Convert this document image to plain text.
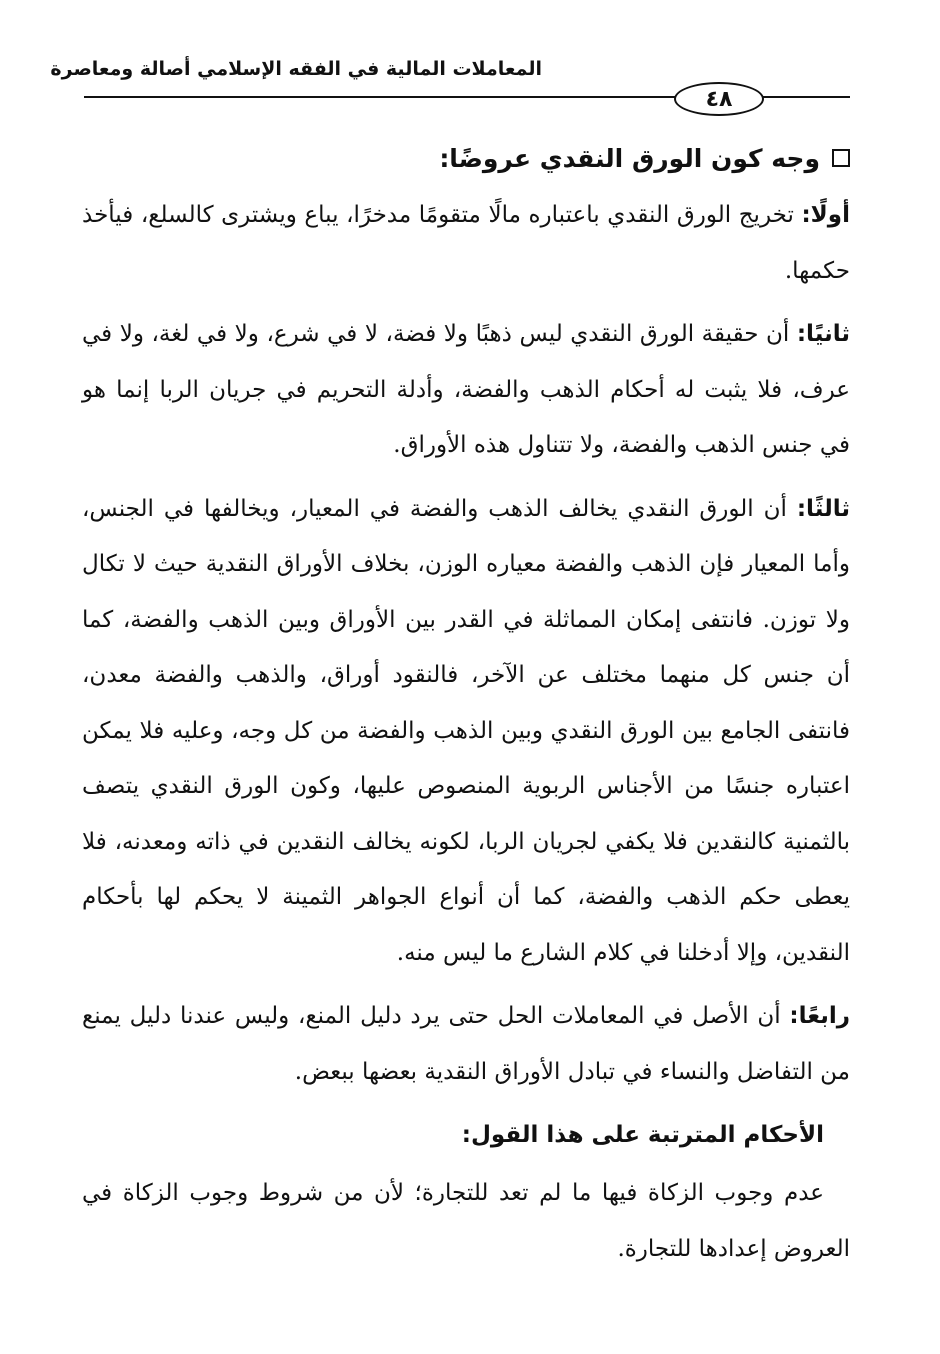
المعاملات المالية في الفقه الإسلامي أصالة ومعاصرة
٤٨
وجه كون الورق النقدي عروضًا:

أولًا: تخريج الورق النقدي باعتباره مالًا متقومًا مدخرًا، يباع ويشترى كالسلع، فيأخذ حكمها.

ثانيًا: أن حقيقة الورق النقدي ليس ذهبًا ولا فضة، لا في شرع، ولا في لغة، ولا في عرف، فلا يثبت له أحكام الذهب والفضة، وأدلة التحريم في جريان الربا إنما هو في جنس الذهب والفضة، ولا تتناول هذه الأوراق.

ثالثًا: أن الورق النقدي يخالف الذهب والفضة في المعيار، ويخالفها في الجنس، وأما المعيار فإن الذهب والفضة معياره الوزن، بخلاف الأوراق النقدية حيث لا تكال ولا توزن. فانتفى إمكان المماثلة في القدر بين الأوراق وبين الذهب والفضة، كما أن جنس كل منهما مختلف عن الآخر، فالنقود أوراق، والذهب والفضة معدن، فانتفى الجامع بين الورق النقدي وبين الذهب والفضة من كل وجه، وعليه فلا يمكن اعتباره جنسًا من الأجناس الربوية المنصوص عليها، وكون الورق النقدي يتصف بالثمنية كالنقدين فلا يكفي لجريان الربا، لكونه يخالف النقدين في ذاته ومعدنه، فلا يعطى حكم الذهب والفضة، كما أن أنواع الجواهر الثمينة لا يحكم لها بأحكام النقدين، وإلا أدخلنا في كلام الشارع ما ليس منه.

رابعًا: أن الأصل في المعاملات الحل حتى يرد دليل المنع، وليس عندنا دليل يمنع من التفاضل والنساء في تبادل الأوراق النقدية بعضها ببعض.

الأحكام المترتبة على هذا القول:

عدم وجوب الزكاة فيها ما لم تعد للتجارة؛ لأن من شروط وجوب الزكاة في العروض إعدادها للتجارة.
